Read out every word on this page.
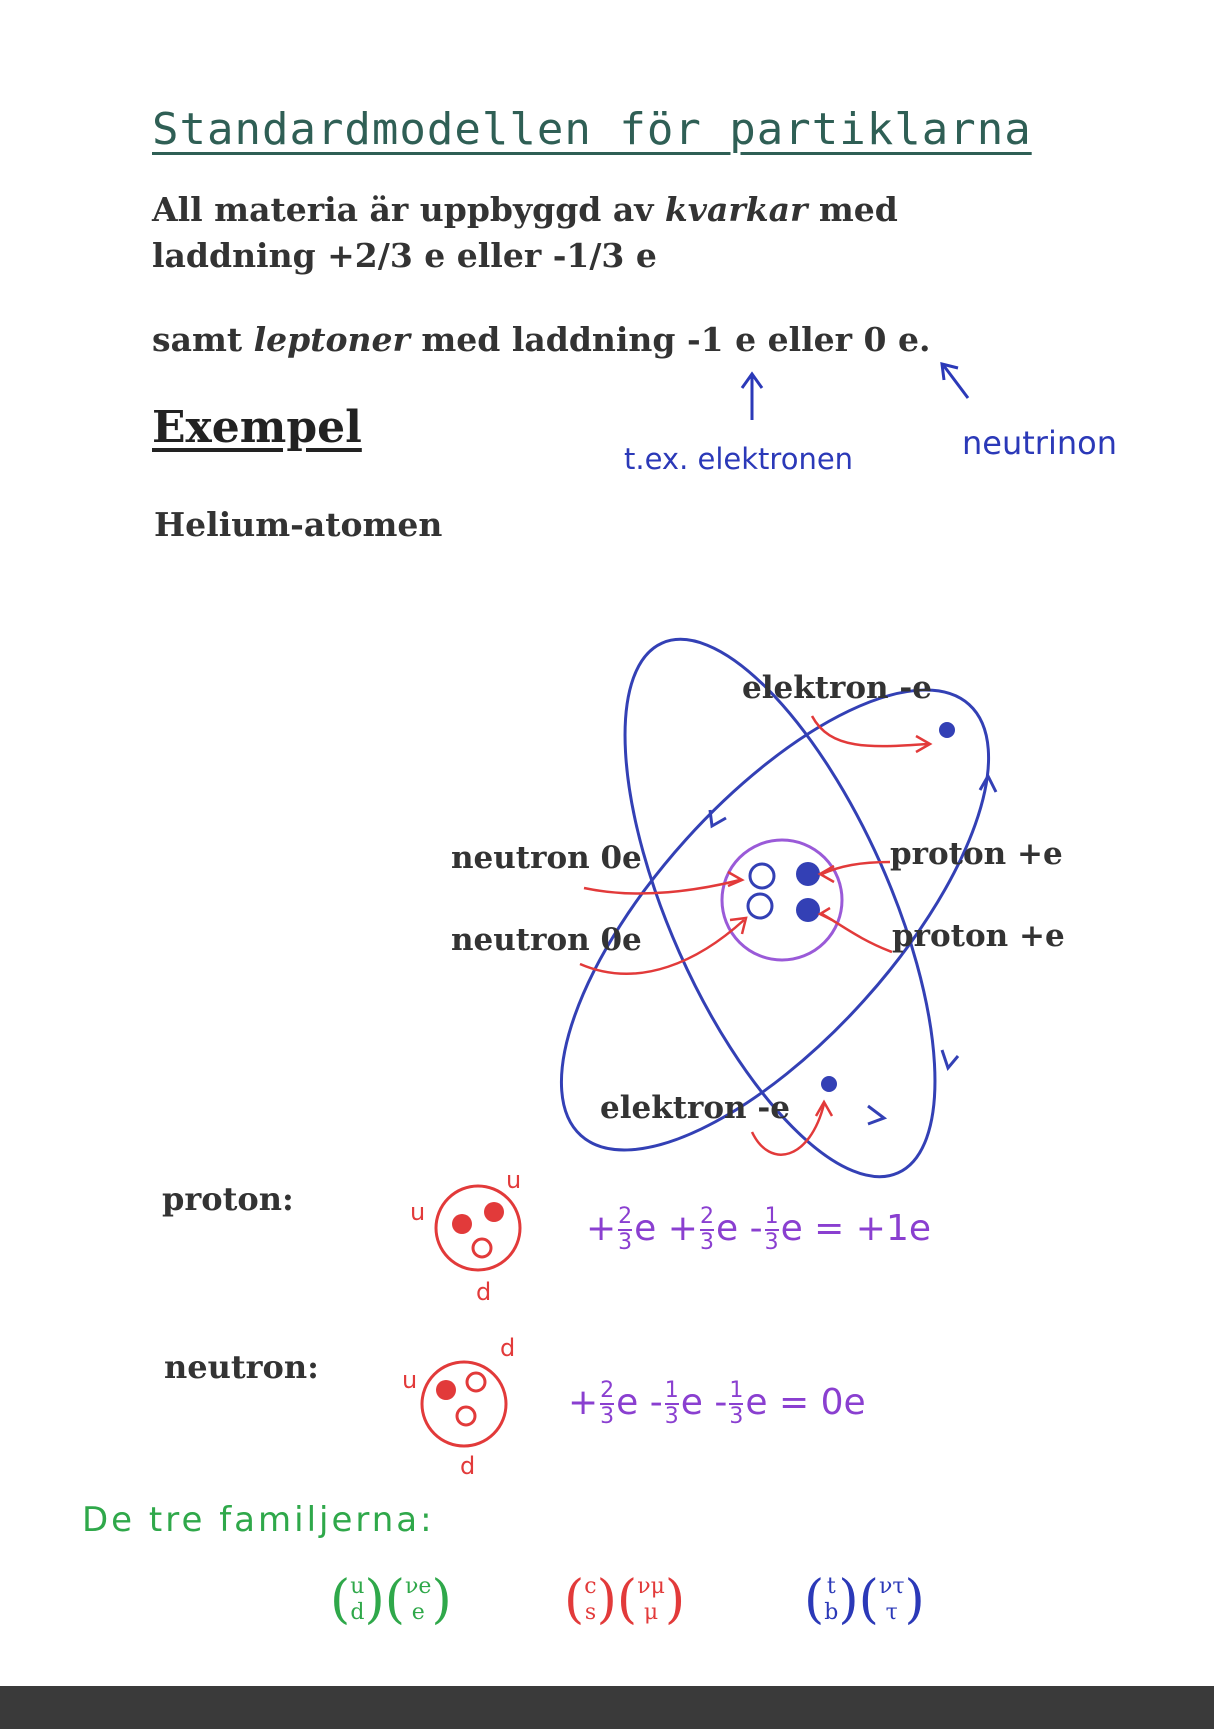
Standardmodellen för partiklarna
All materia är uppbyggd av kvarkar med
laddning +2/3 e eller -1/3 e
samt leptoner med laddning -1 e eller 0 e.
t.ex. elektronen	neutrinon
Exempel
Helium-atomen
elektron -e
elektron -e
neutron 0e
neutron 0e
proton +e
proton +e
proton:	u
u
d
+ $\frac{2}{3}$ $e + \frac{2}{3}$ e - $\frac{1}{3}$ e = +1e
neutron:	u
d
d
+ $\frac{2}{3}$ e - $\frac{1}{3}$ e - $\frac{1}{3}$ e = 0e
De tre familjerna:
(u
d)(νe
e ) (c
s)(νμ
μ ) ( t
b)(ντ
τ )
